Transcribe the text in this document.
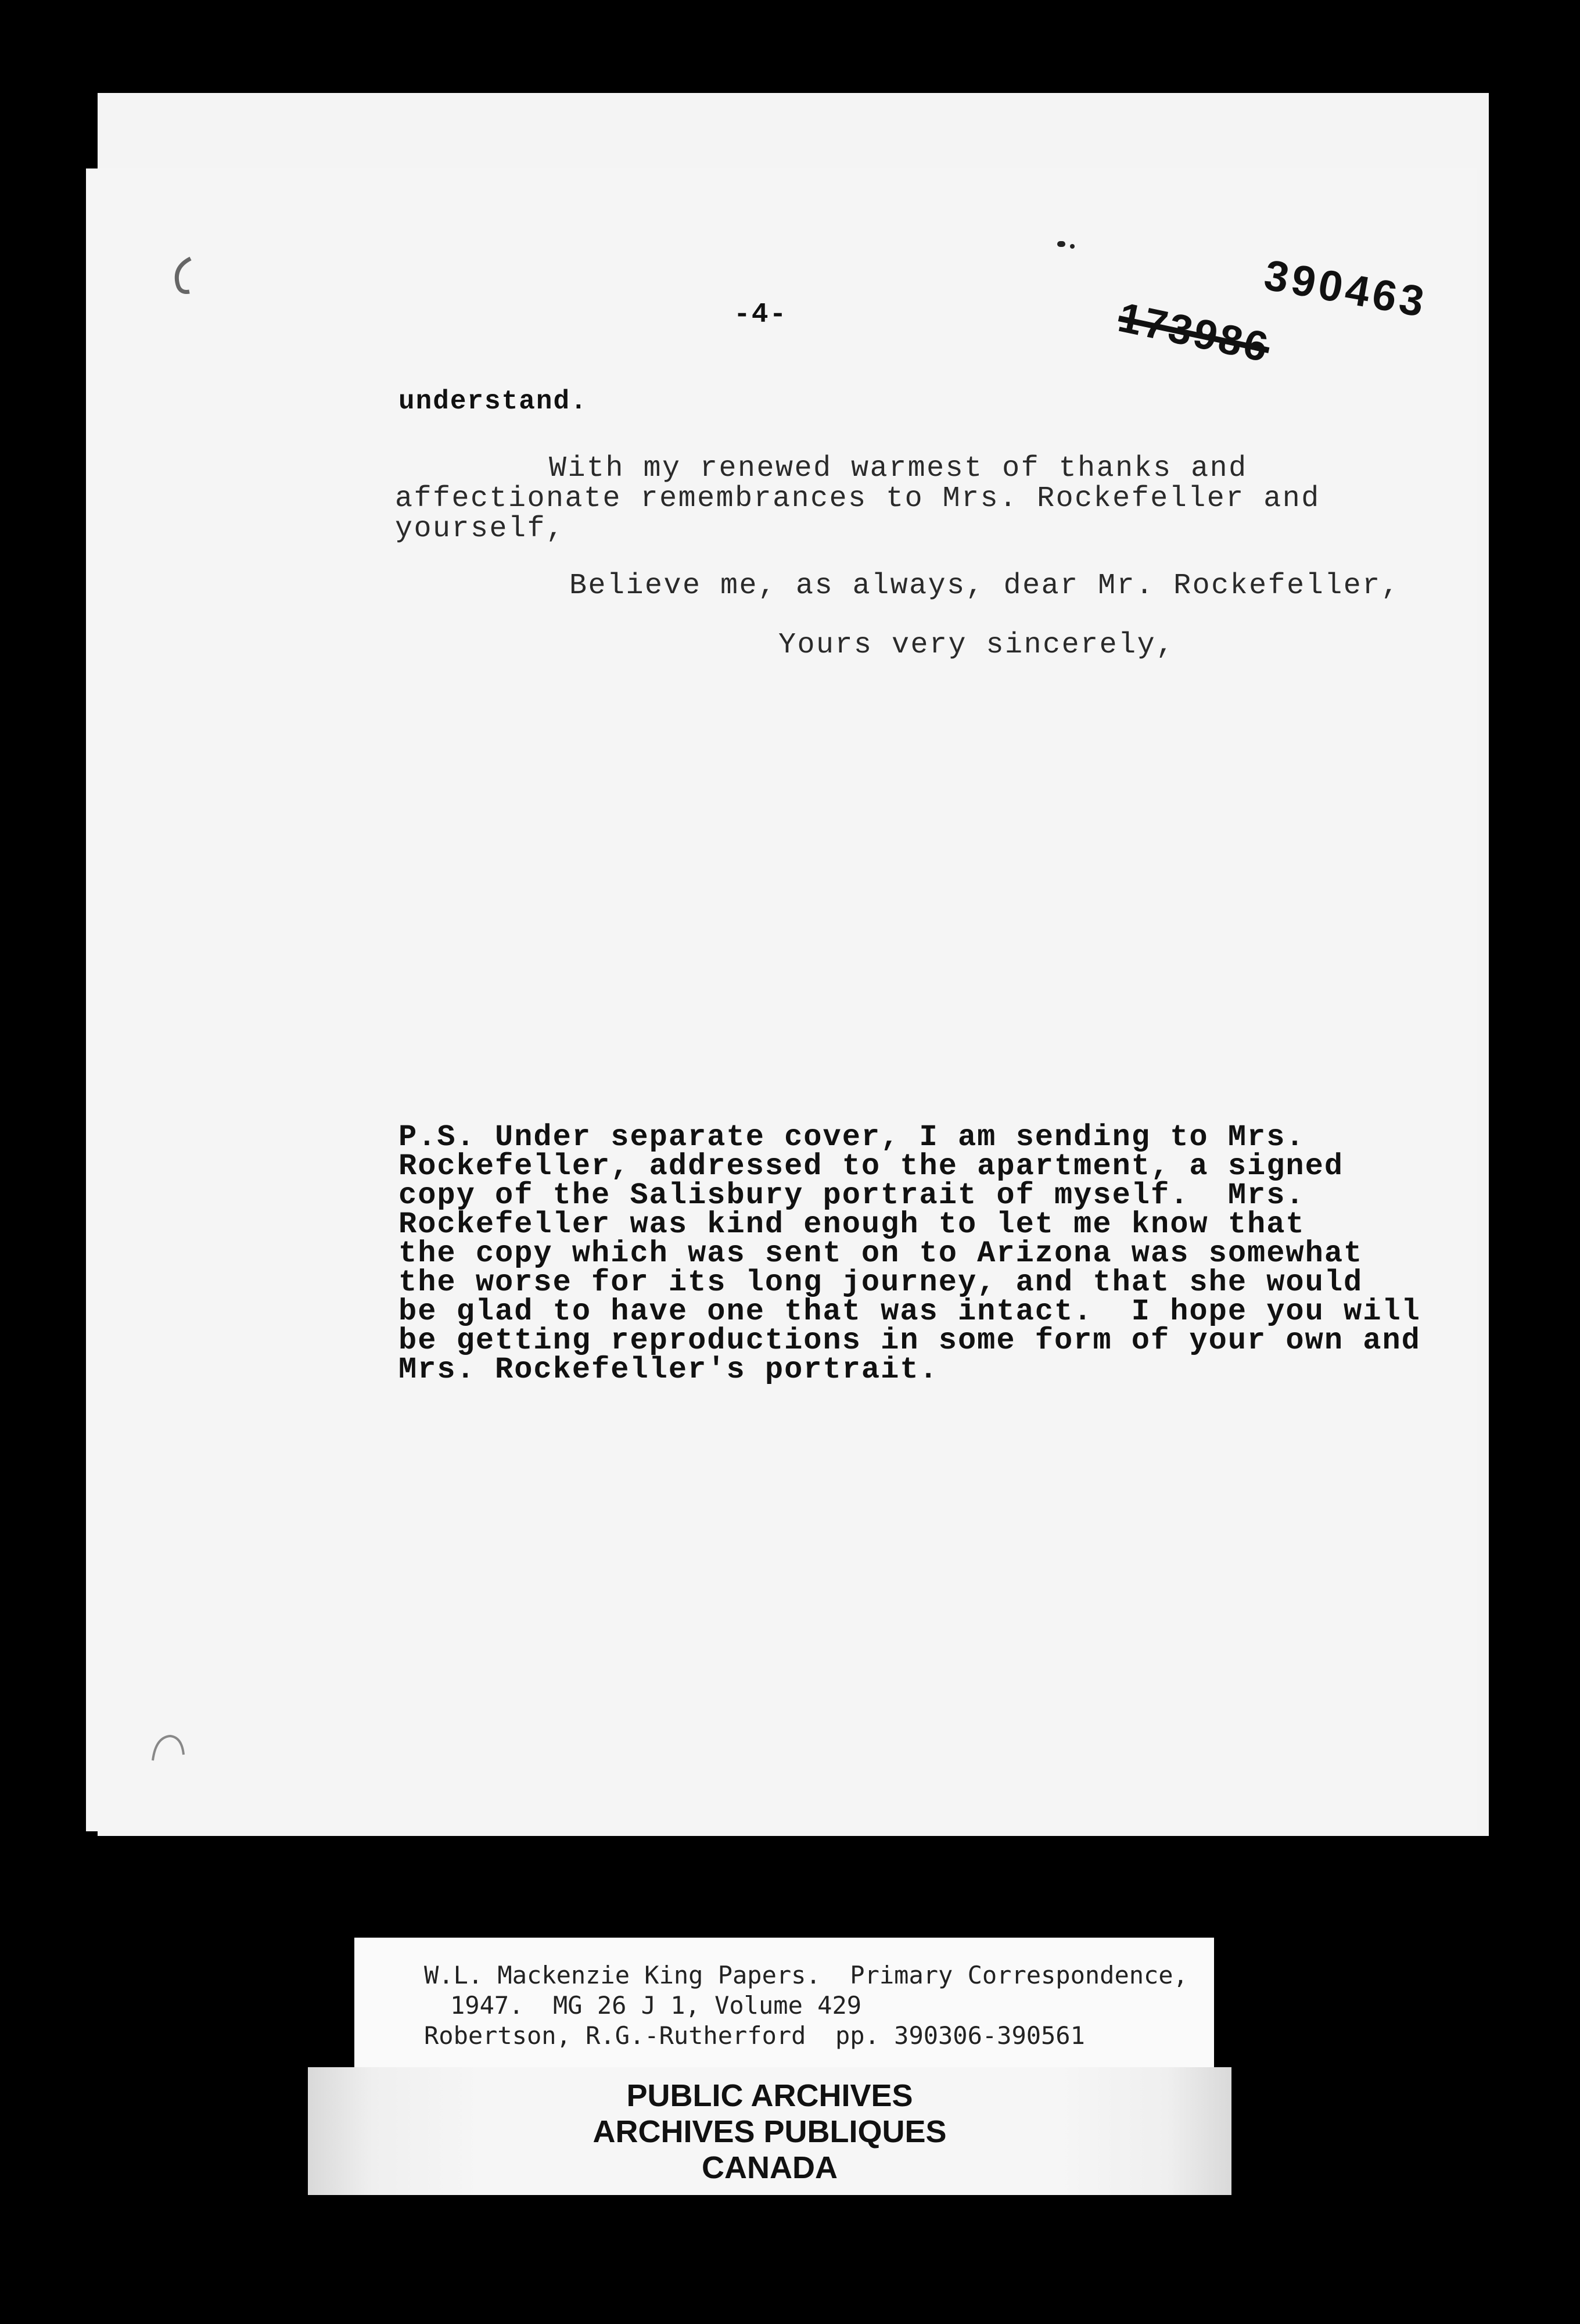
-4-	390463
173986
understand.
With my renewed warmest of thanks and
affectionate remembrances to Mrs. Rockefeller and
yourself,
Believe me, as always, dear Mr. Rockefeller,
Yours very sincerely,
P.S. Under separate cover, I am sending to Mrs.
Rockefeller, addressed to the apartment, a signed
copy of the Salisbury portrait of myself.  Mrs.
Rockefeller was kind enough to let me know that
the copy which was sent on to Arizona was somewhat
the worse for its long journey, and that she would
be glad to have one that was intact.  I hope you will
be getting reproductions in some form of your own and
Mrs. Rockefeller's portrait.
W.L. Mackenzie King Papers.  Primary Correspondence,
1947.  MG 26 J 1, Volume 429
Robertson, R.G.-Rutherford  pp. 390306-390561
PUBLIC ARCHIVES
ARCHIVES PUBLIQUES
CANADA
